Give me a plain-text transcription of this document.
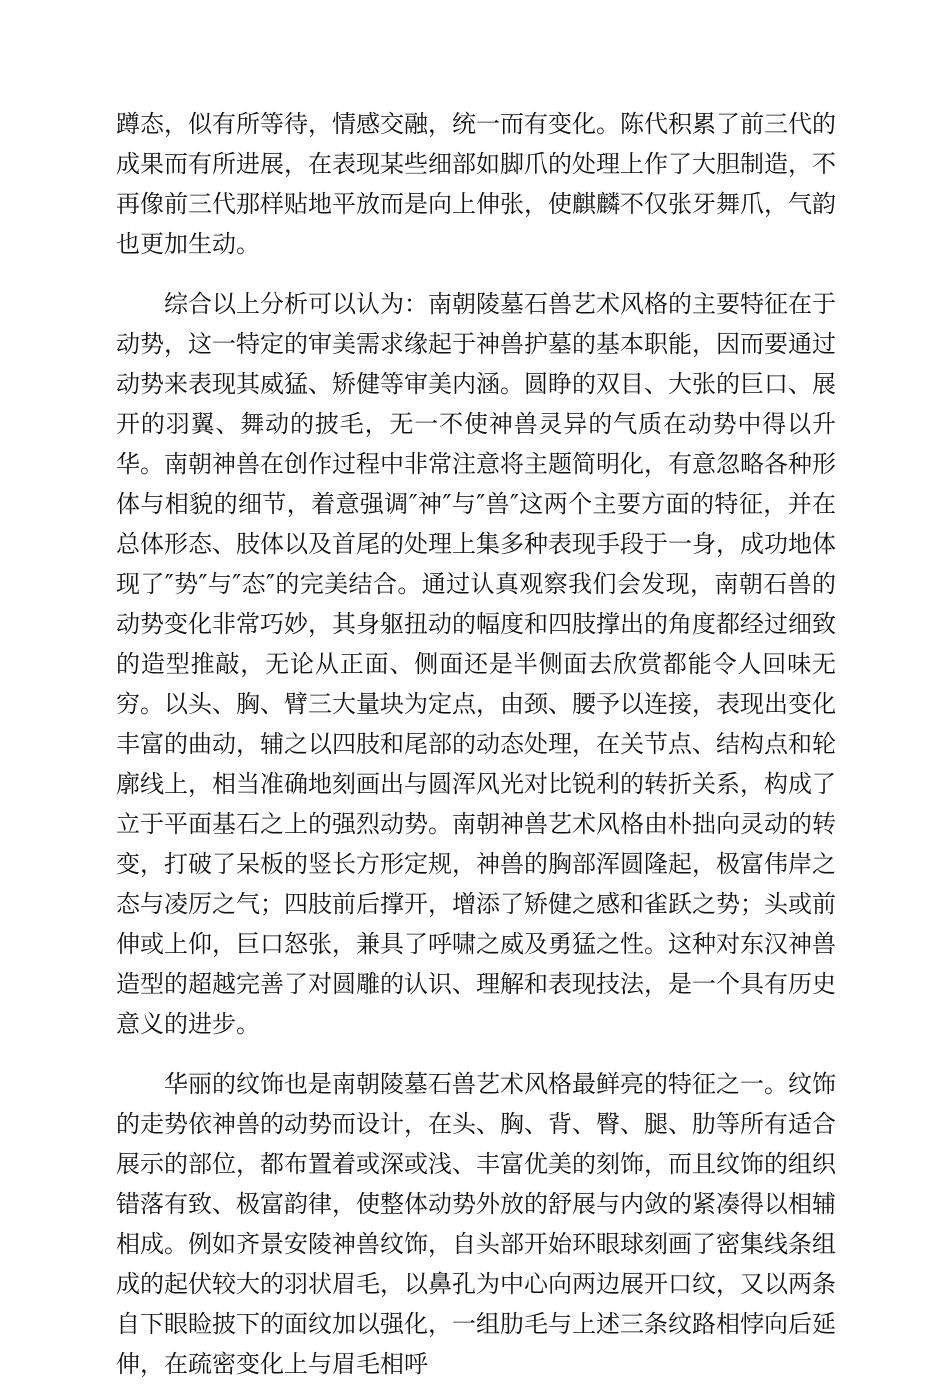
蹲态，似有所等待，情感交融，统一而有变化。陈代积累了前三代的成果而有所进展，在表现某些细部如脚爪的处理上作了大胆制造，不再像前三代那样贴地平放而是向上伸张，使麒麟不仅张牙舞爪，气韵也更加生动。

综合以上分析可以认为：南朝陵墓石兽艺术风格的主要特征在于动势，这一特定的审美需求缘起于神兽护墓的基本职能，因而要通过动势来表现其威猛、矫健等审美内涵。圆睁的双目、大张的巨口、展开的羽翼、舞动的披毛，无一不使神兽灵异的气质在动势中得以升华。南朝神兽在创作过程中非常注意将主题简明化，有意忽略各种形体与相貌的细节，着意强调″神″与″兽″这两个主要方面的特征，并在总体形态、肢体以及首尾的处理上集多种表现手段于一身，成功地体现了″势″与″态″的完美结合。通过认真观察我们会发现，南朝石兽的动势变化非常巧妙，其身躯扭动的幅度和四肢撑出的角度都经过细致的造型推敲，无论从正面、侧面还是半侧面去欣赏都能令人回味无穷。以头、胸、臂三大量块为定点，由颈、腰予以连接，表现出变化丰富的曲动，辅之以四肢和尾部的动态处理，在关节点、结构点和轮廓线上，相当准确地刻画出与圆浑风光对比锐利的转折关系，构成了立于平面基石之上的强烈动势。南朝神兽艺术风格由朴拙向灵动的转变，打破了呆板的竖长方形定规，神兽的胸部浑圆隆起，极富伟岸之态与凌厉之气；四肢前后撑开，增添了矫健之感和雀跃之势；头或前伸或上仰，巨口怒张，兼具了呼啸之威及勇猛之性。这种对东汉神兽造型的超越完善了对圆雕的认识、理解和表现技法，是一个具有历史意义的进步。

华丽的纹饰也是南朝陵墓石兽艺术风格最鲜亮的特征之一。纹饰的走势依神兽的动势而设计，在头、胸、背、臀、腿、肋等所有适合展示的部位，都布置着或深或浅、丰富优美的刻饰，而且纹饰的组织错落有致、极富韵律，使整体动势外放的舒展与内敛的紧凑得以相辅相成。例如齐景安陵神兽纹饰，自头部开始环眼球刻画了密集线条组成的起伏较大的羽状眉毛，以鼻孔为中心向两边展开口纹，又以两条自下眼睑披下的面纹加以强化，一组肋毛与上述三条纹路相悖向后延伸，在疏密变化上与眉毛相呼
